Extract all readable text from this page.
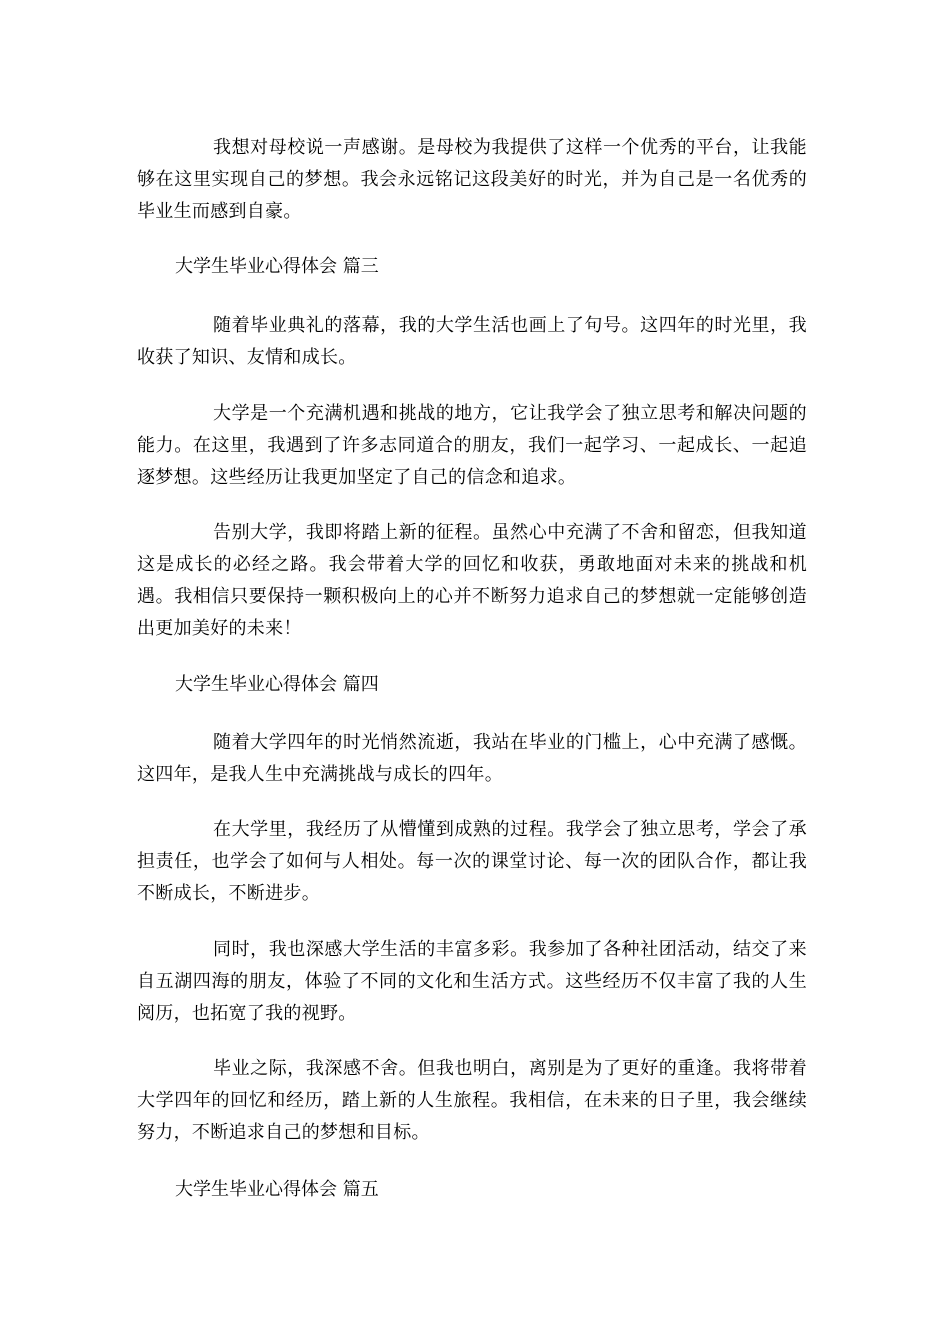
我想对母校说一声感谢。是母校为我提供了这样一个优秀的平台，让我能够在这里实现自己的梦想。我会永远铭记这段美好的时光，并为自己是一名优秀的毕业生而感到自豪。

大学生毕业心得体会 篇三

随着毕业典礼的落幕，我的大学生活也画上了句号。这四年的时光里，我收获了知识、友情和成长。

大学是一个充满机遇和挑战的地方，它让我学会了独立思考和解决问题的能力。在这里，我遇到了许多志同道合的朋友，我们一起学习、一起成长、一起追逐梦想。这些经历让我更加坚定了自己的信念和追求。

告别大学，我即将踏上新的征程。虽然心中充满了不舍和留恋，但我知道这是成长的必经之路。我会带着大学的回忆和收获，勇敢地面对未来的挑战和机遇。我相信只要保持一颗积极向上的心并不断努力追求自己的梦想就一定能够创造出更加美好的未来！

大学生毕业心得体会 篇四

随着大学四年的时光悄然流逝，我站在毕业的门槛上，心中充满了感慨。这四年，是我人生中充满挑战与成长的四年。

在大学里，我经历了从懵懂到成熟的过程。我学会了独立思考，学会了承担责任，也学会了如何与人相处。每一次的课堂讨论、每一次的团队合作，都让我不断成长，不断进步。

同时，我也深感大学生活的丰富多彩。我参加了各种社团活动，结交了来自五湖四海的朋友，体验了不同的文化和生活方式。这些经历不仅丰富了我的人生阅历，也拓宽了我的视野。

毕业之际，我深感不舍。但我也明白，离别是为了更好的重逢。我将带着大学四年的回忆和经历，踏上新的人生旅程。我相信，在未来的日子里，我会继续努力，不断追求自己的梦想和目标。

大学生毕业心得体会 篇五
